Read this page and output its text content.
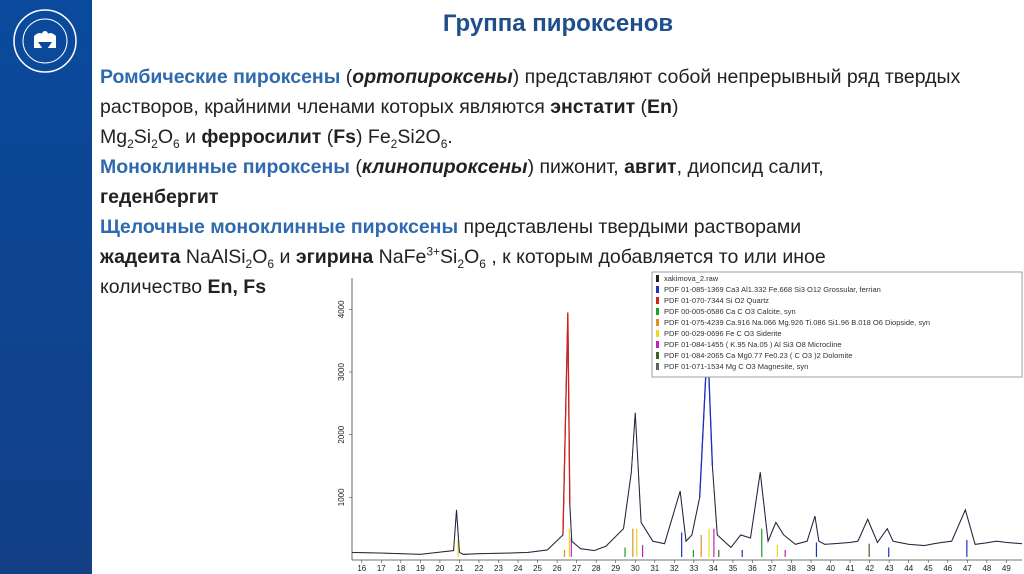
Группа пироксенов
Ромбические пироксены (ортопироксены) представляют собой непрерывный ряд твердых растворов, крайними членами которых являются энстатит (En)
$Mg_2Si_2O_6$ и ферросилит (Fs) $Fe_2Si2O_6$.
Моноклинные пироксены (клинопироксены) пижонит, авгит, диопсид салит,
геденбергит
Щелочные моноклинные пироксены представлены твердыми растворами
жадеита $NaAlSi_2O_6$ и эгирина $NaFe^{3+}Si_2O_6$ , к которым добавляется то или иное
количество En, Fs
16 17 18 19 20 21 22 23 24 25 26 27 28 29 30 31 32 33 34 35 36 37 38 39 40 41 42 43 44 45 46 47 48 49
1000
2000
3000
4000
xakimova_2.raw
PDF 01-085-1369 Ca3 Al1.332 Fe.668 Si3 O12 Grossular, ferrian
PDF 01-070-7344 Si O2 Quartz
PDF 00-005-0586 Ca C O3 Calcite, syn
PDF 01-075-4239 Ca.916 Na.066 Mg.926 Ti.086 Si1.96 B.018 O6 Diopside, syn
PDF 00-029-0696 Fe C O3 Siderite
PDF 01-084-1455 ( K.95 Na.05 ) Al Si3 O8 Microcline
PDF 01-084-2065 Ca Mg0.77 Fe0.23 ( C O3 )2 Dolomite
PDF 01-071-1534 Mg C O3 Magnesite, syn
